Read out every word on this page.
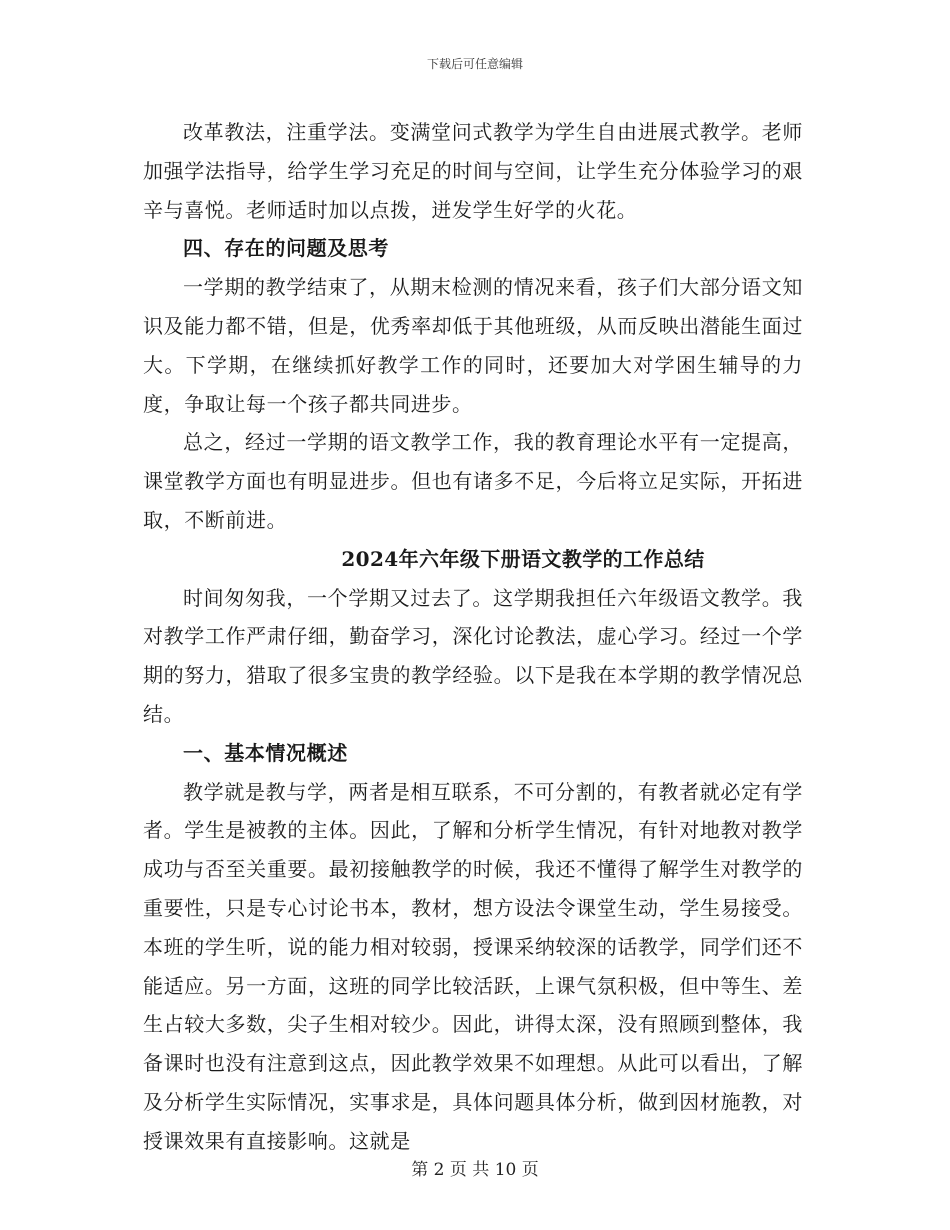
下载后可任意编辑

改革教法，注重学法。变满堂问式教学为学生自由进展式教学。老师加强学法指导，给学生学习充足的时间与空间，让学生充分体验学习的艰辛与喜悦。老师适时加以点拨，迸发学生好学的火花。

四、存在的问题及思考

一学期的教学结束了，从期末检测的情况来看，孩子们大部分语文知识及能力都不错，但是，优秀率却低于其他班级，从而反映出潜能生面过大。下学期，在继续抓好教学工作的同时，还要加大对学困生辅导的力度，争取让每一个孩子都共同进步。

总之，经过一学期的语文教学工作，我的教育理论水平有一定提高，课堂教学方面也有明显进步。但也有诸多不足，今后将立足实际，开拓进取，不断前进。

2024年六年级下册语文教学的工作总结

时间匆匆我，一个学期又过去了。这学期我担任六年级语文教学。我对教学工作严肃仔细，勤奋学习，深化讨论教法，虚心学习。经过一个学期的努力，猎取了很多宝贵的教学经验。以下是我在本学期的教学情况总结。

一、基本情况概述

教学就是教与学，两者是相互联系，不可分割的，有教者就必定有学者。学生是被教的主体。因此，了解和分析学生情况，有针对地教对教学成功与否至关重要。最初接触教学的时候，我还不懂得了解学生对教学的重要性，只是专心讨论书本，教材，想方设法令课堂生动，学生易接受。本班的学生听，说的能力相对较弱，授课采纳较深的话教学，同学们还不能适应。另一方面，这班的同学比较活跃，上课气氛积极，但中等生、差生占较大多数，尖子生相对较少。因此，讲得太深，没有照顾到整体，我备课时也没有注意到这点，因此教学效果不如理想。从此可以看出，了解及分析学生实际情况，实事求是，具体问题具体分析，做到因材施教，对授课效果有直接影响。这就是

第 2 页 共 10 页
